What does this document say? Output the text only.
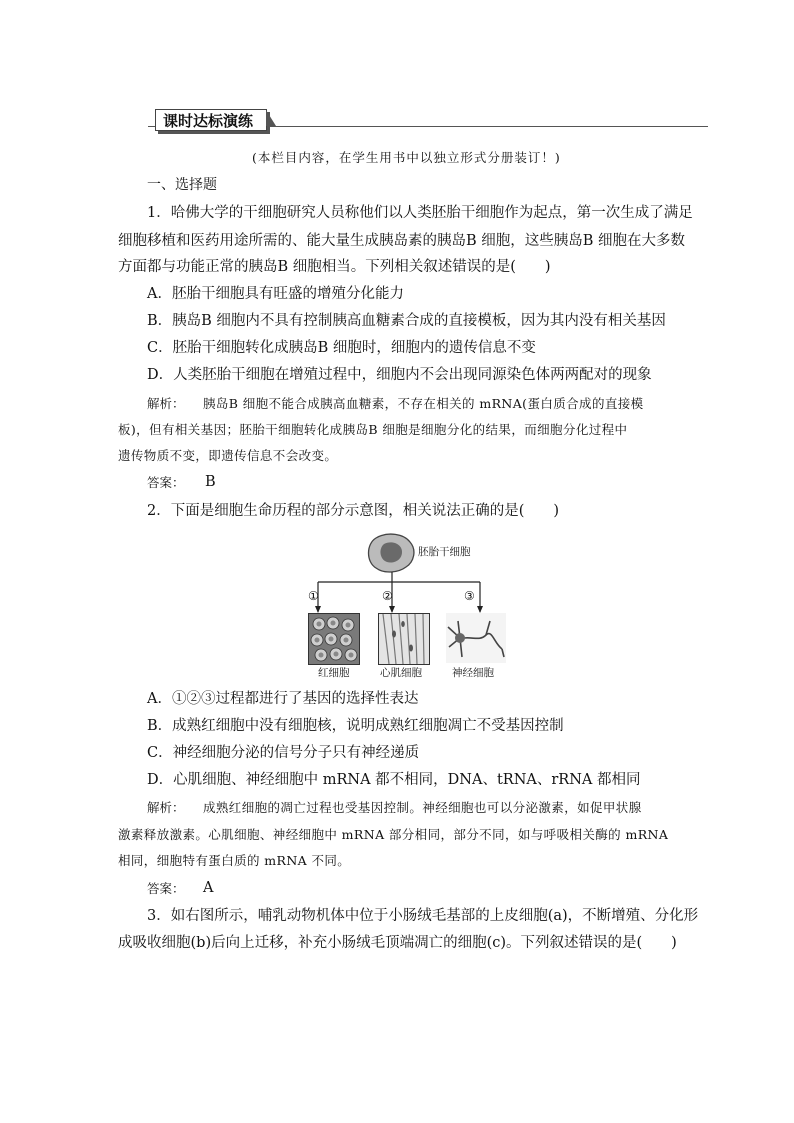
课时达标演练
(本栏目内容，在学生用书中以独立形式分册装订！)
一、选择题
1．哈佛大学的干细胞研究人员称他们以人类胚胎干细胞作为起点，第一次生成了满足
细胞移植和医药用途所需的、能大量生成胰岛素的胰岛B 细胞，这些胰岛B 细胞在大多数
方面都与功能正常的胰岛B 细胞相当。下列相关叙述错误的是(　　)
A．胚胎干细胞具有旺盛的增殖分化能力
B．胰岛B 细胞内不具有控制胰高血糖素合成的直接模板，因为其内没有相关基因
C．胚胎干细胞转化成胰岛B 细胞时，细胞内的遗传信息不变
D．人类胚胎干细胞在增殖过程中，细胞内不会出现同源染色体两两配对的现象
解析： 胰岛B 细胞不能合成胰高血糖素，不存在相关的 mRNA(蛋白质合成的直接模
板)，但有相关基因；胚胎干细胞转化成胰岛B 细胞是细胞分化的结果，而细胞分化过程中
遗传物质不变，即遗传信息不会改变。
答案： B
2．下面是细胞生命历程的部分示意图，相关说法正确的是(　　)
胚胎干细胞
①	②	③
红细胞	心肌细胞	神经细胞
A．①②③过程都进行了基因的选择性表达
B．成熟红细胞中没有细胞核，说明成熟红细胞凋亡不受基因控制
C．神经细胞分泌的信号分子只有神经递质
D．心肌细胞、神经细胞中 mRNA 都不相同，DNA、tRNA、rRNA 都相同
解析： 成熟红细胞的凋亡过程也受基因控制。神经细胞也可以分泌激素，如促甲状腺
激素释放激素。心肌细胞、神经细胞中 mRNA 部分相同，部分不同，如与呼吸相关酶的 mRNA
相同，细胞特有蛋白质的 mRNA 不同。
答案： A
3．如右图所示，哺乳动物机体中位于小肠绒毛基部的上皮细胞(a)，不断增殖、分化形
成吸收细胞(b)后向上迁移，补充小肠绒毛顶端凋亡的细胞(c)。下列叙述错误的是(　　)
